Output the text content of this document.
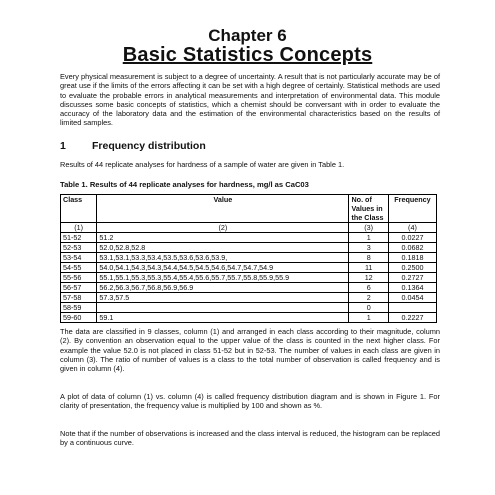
Chapter 6
Basic Statistics Concepts
Every physical measurement is subject to a degree of uncertainty. A result that is not particularly accurate may be of great use if the limits of the errors affecting it can be set with a high degree of certainly. Statistical methods are used to evaluate the probable errors in analytical measurements and interpretation of environmental data. This module discusses some basic concepts of statistics, which a chemist should be conversant with in order to evaluate the accuracy of the laboratory data and the estimation of the environmental characteristics based on the results of limited samples.
1 Frequency distribution
Results of 44 replicate analyses for hardness of a sample of water are given in Table 1.
Table 1. Results of 44 replicate analyses for hardness, mg/l as CaC03
Class	Value	No. of Values in the Class	Frequency
(1)	(2)	(3)	(4)
51-52	51.2	1	0.0227
52-53	52.0,52.8,52.8	3	0.0682
53-54	53.1,53.1,53.3,53.4,53.5,53.6,53.6,53.9,	8	0.1818
54-55	54.0,54.1,54.3,54.3,54.4,54.5,54.5,54.6,54.7,54.7,54.9	11	0.2500
55-56	55.1,55.1,55.3,55.3,55.4,55.4,55.6,55.7,55.7,55.8,55.9,55.9	12	0.2727
56-57	56.2,56.3,56.7,56.8,56.9,56.9	6	0.1364
57-58	57.3,57.5	2	0.0454
58-59		0	
59-60	59.1	1	0.2227
The data are classified in 9 classes, column (1) and arranged in each class according to their magnitude, column (2). By convention an observation equal to the upper value of the class is counted in the next higher class. For example the value 52.0 is not placed in class 51-52 but in 52-53. The number of values in each class are given in column (3). The ratio of number of values is a class to the total number of observation is called frequency and is given in column (4).
A plot of data of column (1) vs. column (4) is called frequency distribution diagram and is shown in Figure 1. For clarity of presentation, the frequency value is multiplied by 100 and shown as %.
Note that if the number of observations is increased and the class interval is reduced, the histogram can be replaced by a continuous curve.
